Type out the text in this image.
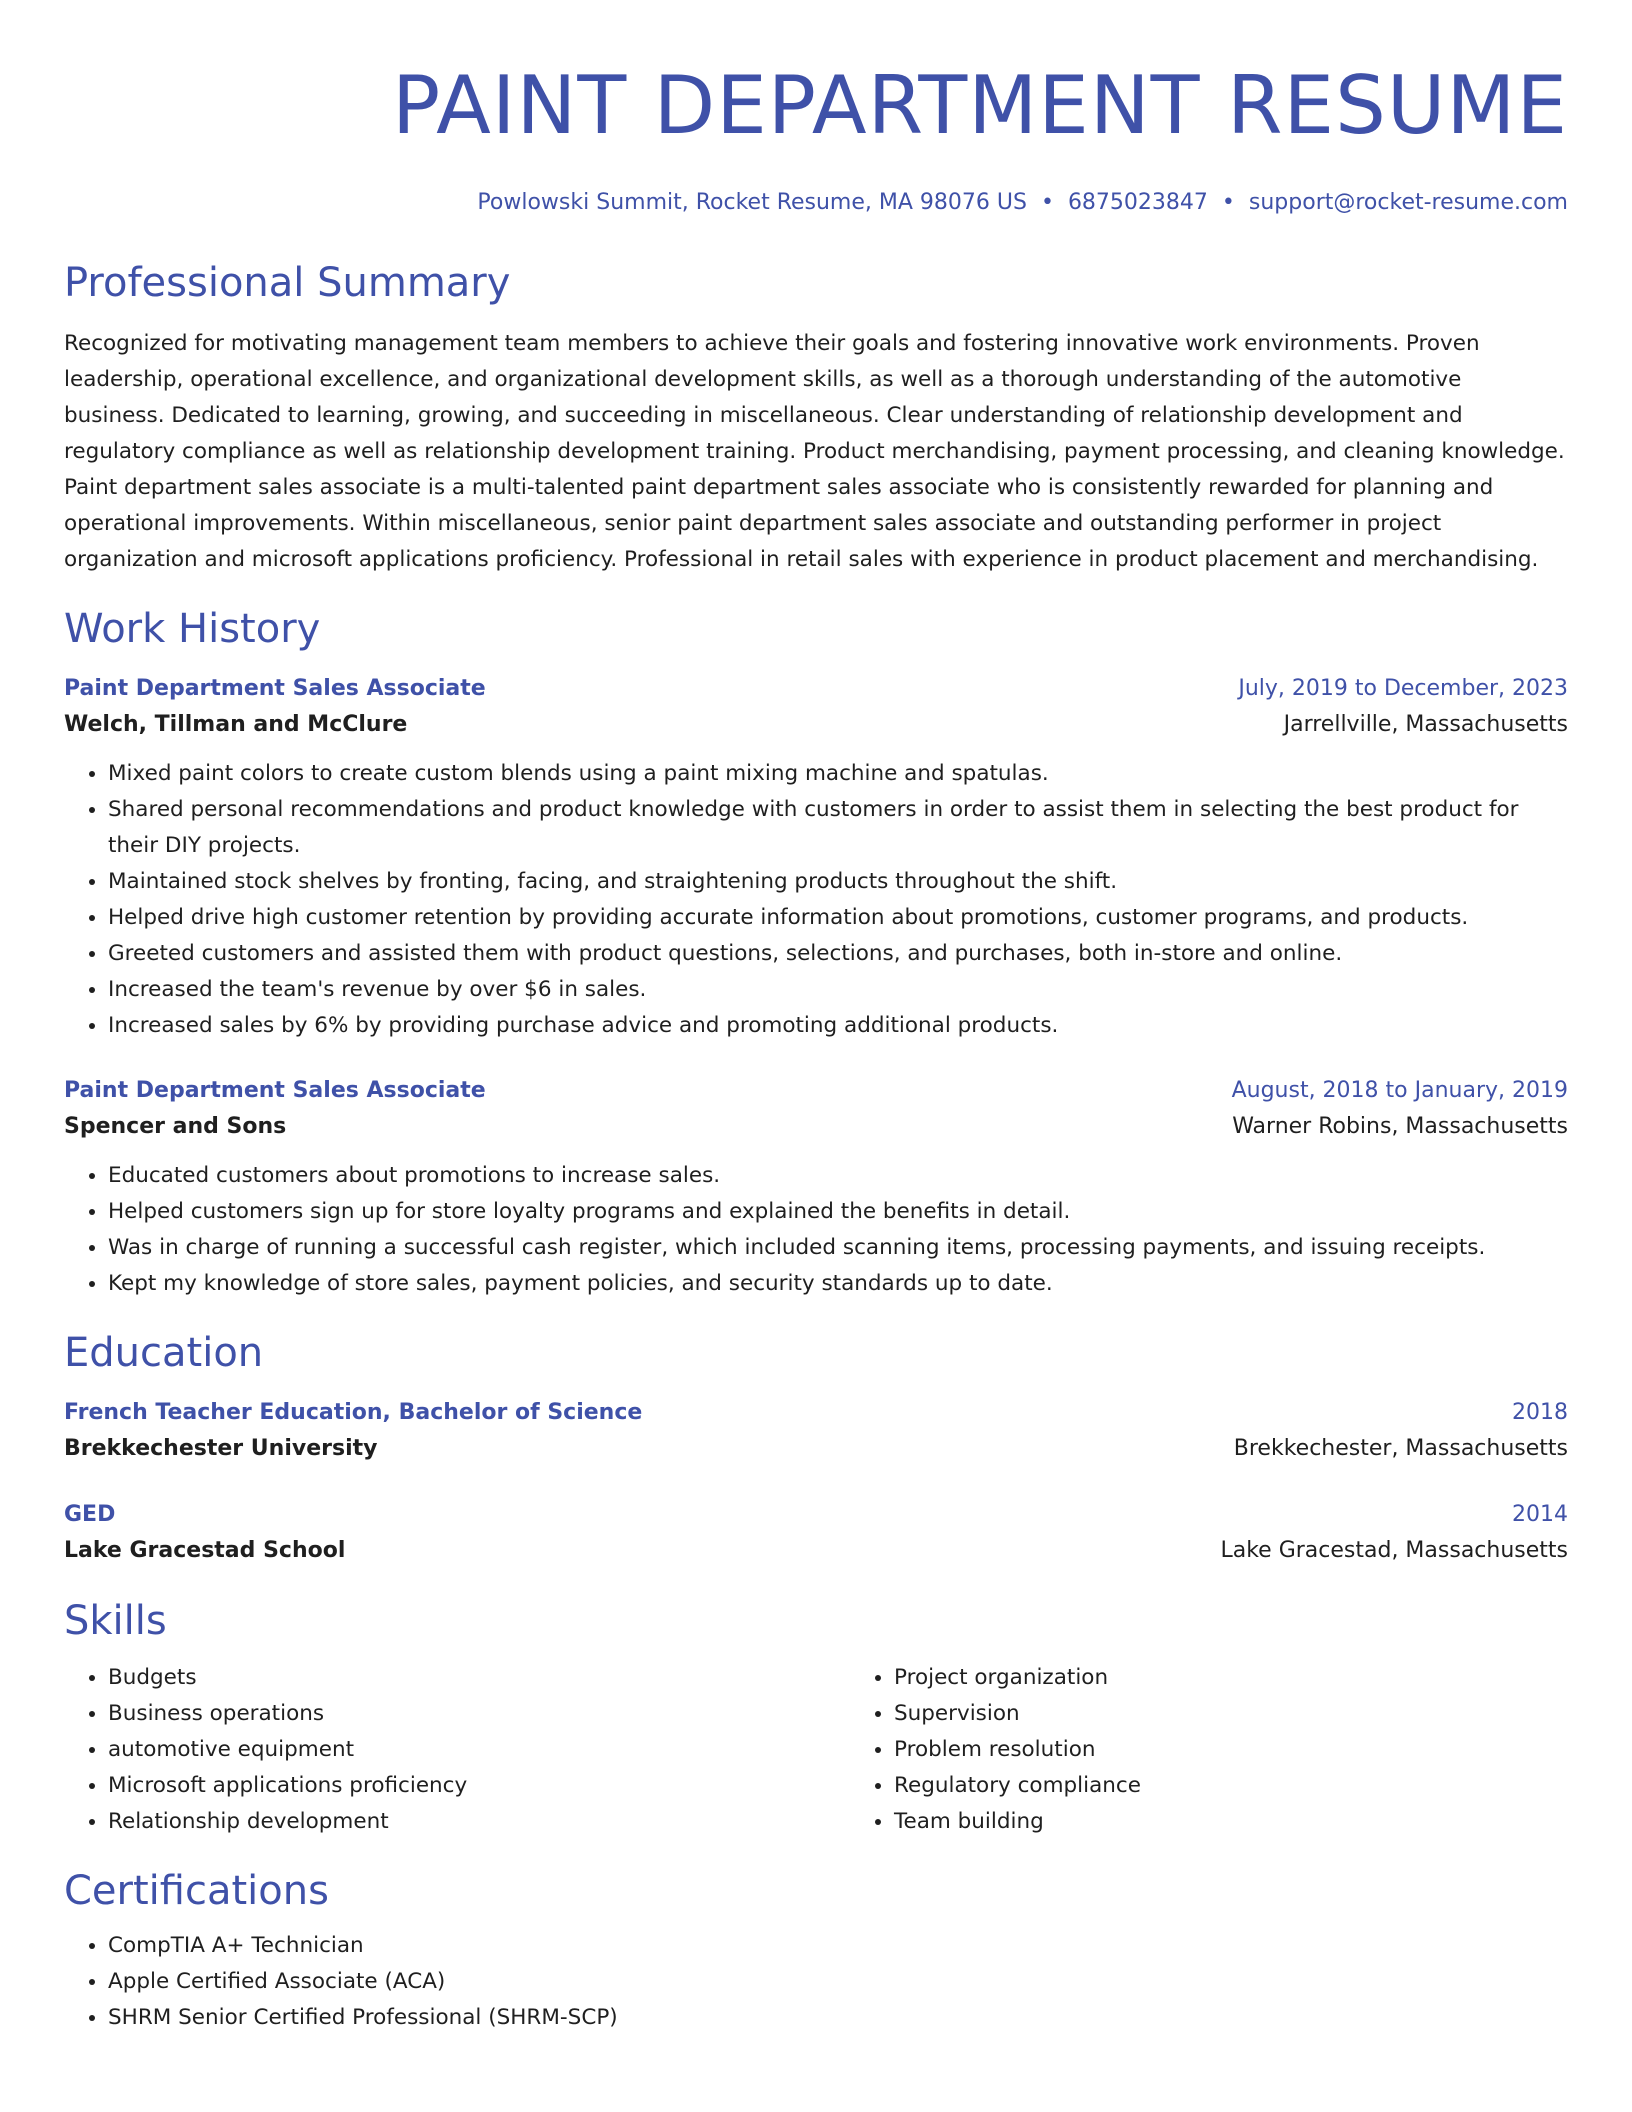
PAINT DEPARTMENT RESUME
Powlowski Summit, Rocket Resume, MA 98076 US • 6875023847 • support@rocket-resume.com
Professional Summary
Recognized for motivating management team members to achieve their goals and fostering innovative work environments. Proven leadership, operational excellence, and organizational development skills, as well as a thorough understanding of the automotive business. Dedicated to learning, growing, and succeeding in miscellaneous. Clear understanding of relationship development and regulatory compliance as well as relationship development training. Product merchandising, payment processing, and cleaning knowledge. Paint department sales associate is a multi-talented paint department sales associate who is consistently rewarded for planning and operational improvements. Within miscellaneous, senior paint department sales associate and outstanding performer in project organization and microsoft applications proficiency. Professional in retail sales with experience in product placement and merchandising.
Work History
Paint Department Sales Associate	July, 2019 to December, 2023
Welch, Tillman and McClure	Jarrellville, Massachusetts
• Mixed paint colors to create custom blends using a paint mixing machine and spatulas.
• Shared personal recommendations and product knowledge with customers in order to assist them in selecting the best product for their DIY projects.
• Maintained stock shelves by fronting, facing, and straightening products throughout the shift.
• Helped drive high customer retention by providing accurate information about promotions, customer programs, and products.
• Greeted customers and assisted them with product questions, selections, and purchases, both in-store and online.
• Increased the team's revenue by over $6 in sales.
• Increased sales by 6% by providing purchase advice and promoting additional products.
Paint Department Sales Associate	August, 2018 to January, 2019
Spencer and Sons	Warner Robins, Massachusetts
• Educated customers about promotions to increase sales.
• Helped customers sign up for store loyalty programs and explained the benefits in detail.
• Was in charge of running a successful cash register, which included scanning items, processing payments, and issuing receipts.
• Kept my knowledge of store sales, payment policies, and security standards up to date.
Education
French Teacher Education, Bachelor of Science	2018
Brekkechester University	Brekkechester, Massachusetts
GED	2014
Lake Gracestad School	Lake Gracestad, Massachusetts
Skills
• Budgets
• Business operations
• automotive equipment
• Microsoft applications proficiency
• Relationship development
• Project organization
• Supervision
• Problem resolution
• Regulatory compliance
• Team building
Certifications
• CompTIA A+ Technician
• Apple Certified Associate (ACA)
• SHRM Senior Certified Professional (SHRM-SCP)
